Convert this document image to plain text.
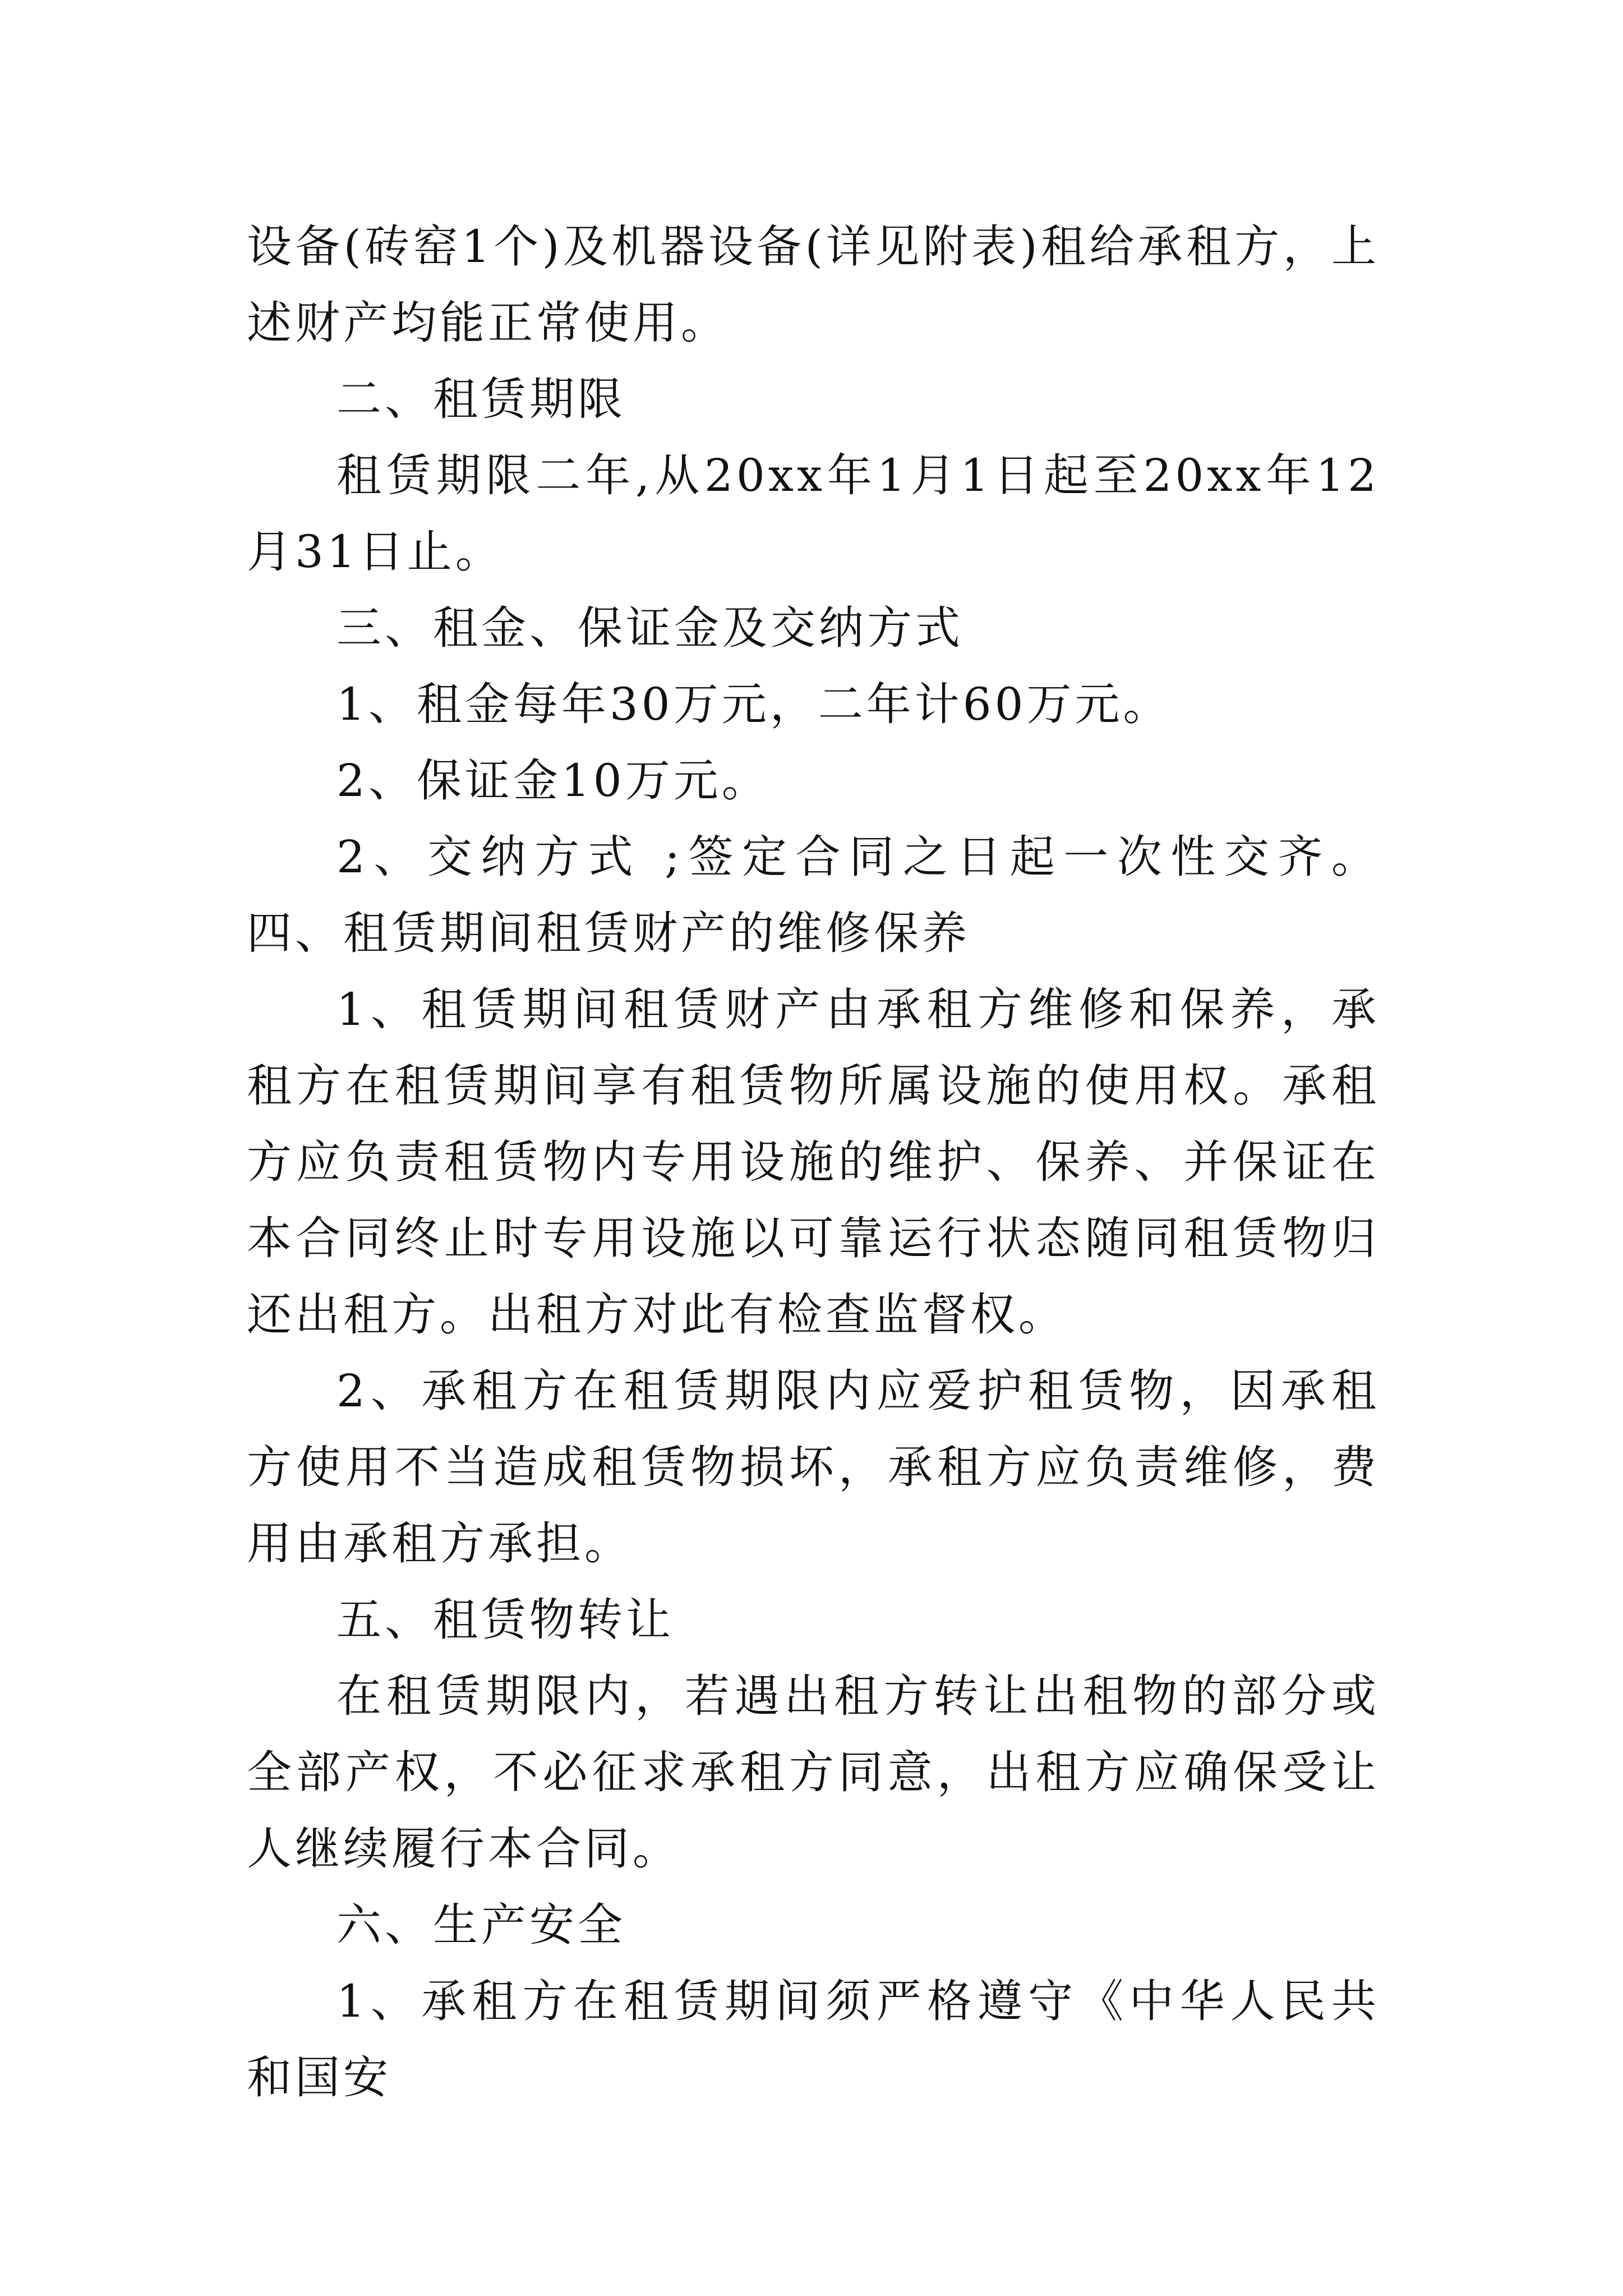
设备(砖窑1个)及机器设备(详见附表)租给承租方，上述财产均能正常使用。

二、租赁期限

租赁期限二年,从20xx年1月1日起至20xx年12月31日止。

三、租金、保证金及交纳方式

1、租金每年30万元，二年计60万元。

2、保证金10万元。

2、交纳方式 ;签定合同之日起一次性交齐。 四、租赁期间租赁财产的维修保养

1、租赁期间租赁财产由承租方维修和保养，承租方在租赁期间享有租赁物所属设施的使用权。承租方应负责租赁物内专用设施的维护、保养、并保证在本合同终止时专用设施以可靠运行状态随同租赁物归还出租方。出租方对此有检查监督权。

2、承租方在租赁期限内应爱护租赁物，因承租方使用不当造成租赁物损坏，承租方应负责维修，费用由承租方承担。

五、租赁物转让

在租赁期限内，若遇出租方转让出租物的部分或全部产权，不必征求承租方同意，出租方应确保受让人继续履行本合同。

六、生产安全

1、承租方在租赁期间须严格遵守《中华人民共和国安
